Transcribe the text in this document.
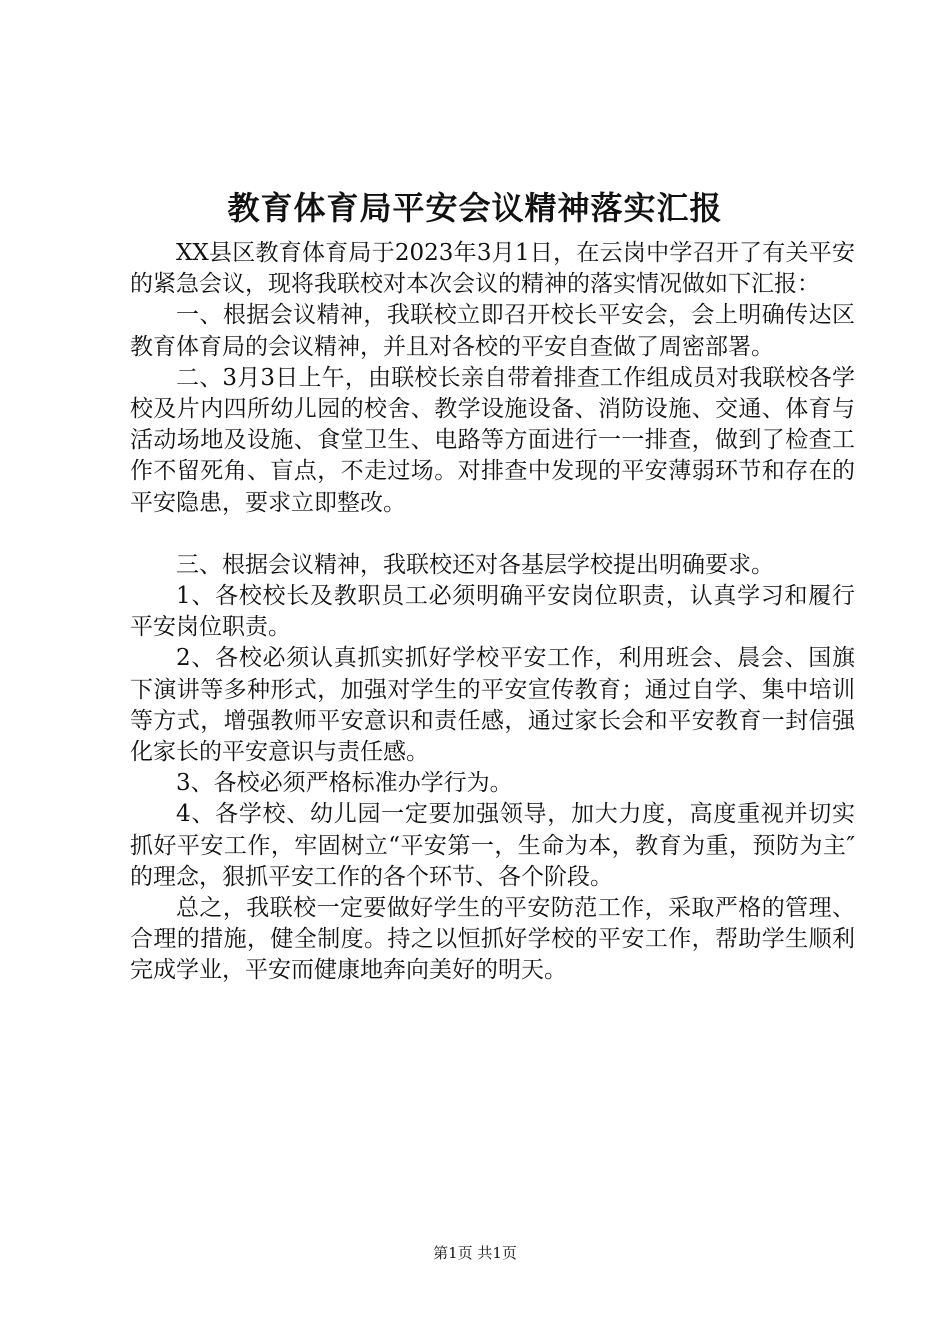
教育体育局平安会议精神落实汇报

XX县区教育体育局于2023年3月1日，在云岗中学召开了有关平安的紧急会议，现将我联校对本次会议的精神的落实情况做如下汇报：

一、根据会议精神，我联校立即召开校长平安会，会上明确传达区教育体育局的会议精神，并且对各校的平安自查做了周密部署。

二、3月3日上午，由联校长亲自带着排查工作组成员对我联校各学校及片内四所幼儿园的校舍、教学设施设备、消防设施、交通、体育与活动场地及设施、食堂卫生、电路等方面进行一一排查，做到了检查工作不留死角、盲点，不走过场。对排查中发现的平安薄弱环节和存在的平安隐患，要求立即整改。

三、根据会议精神，我联校还对各基层学校提出明确要求。

1、各校校长及教职员工必须明确平安岗位职责，认真学习和履行平安岗位职责。

2、各校必须认真抓实抓好学校平安工作，利用班会、晨会、国旗下演讲等多种形式，加强对学生的平安宣传教育；通过自学、集中培训等方式，增强教师平安意识和责任感，通过家长会和平安教育一封信强化家长的平安意识与责任感。

3、各校必须严格标准办学行为。

4、各学校、幼儿园一定要加强领导，加大力度，高度重视并切实抓好平安工作，牢固树立“平安第一，生命为本，教育为重，预防为主″的理念，狠抓平安工作的各个环节、各个阶段。

总之，我联校一定要做好学生的平安防范工作，采取严格的管理、合理的措施，健全制度。持之以恒抓好学校的平安工作，帮助学生顺利完成学业，平安而健康地奔向美好的明天。

第1页 共1页
